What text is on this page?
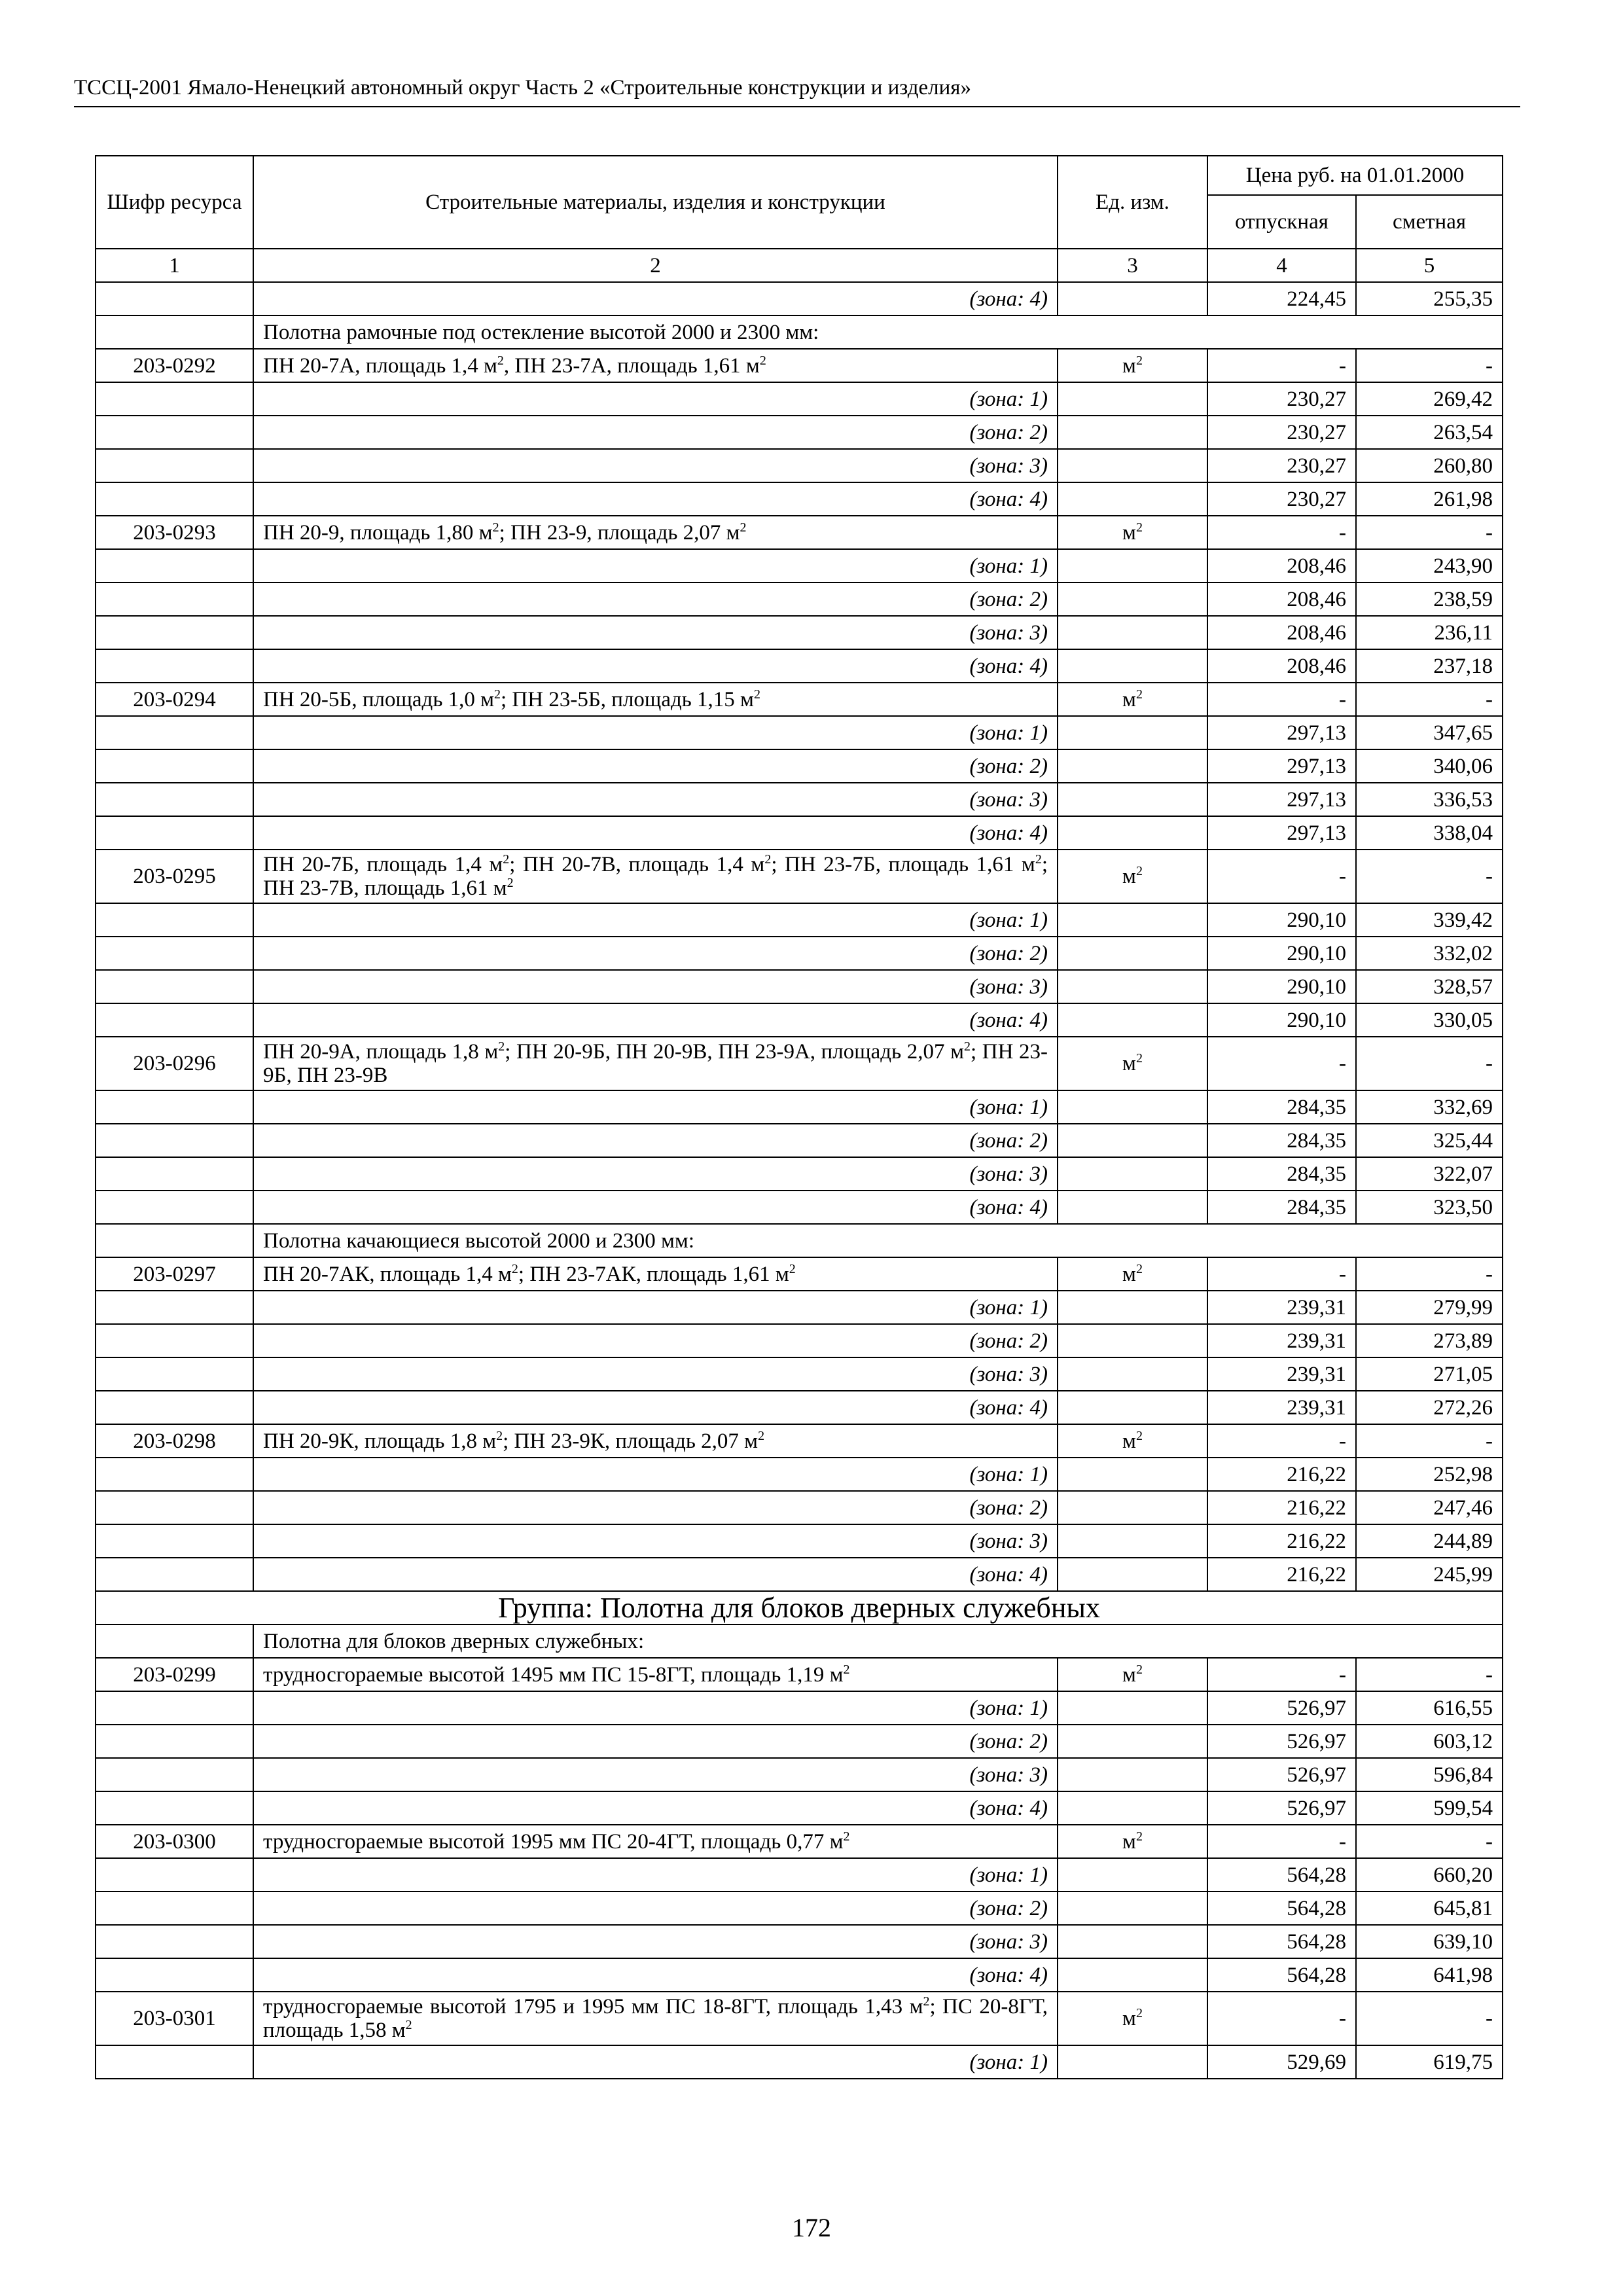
ТССЦ-2001 Ямало-Ненецкий автономный округ Часть 2 «Строительные конструкции и изделия»
Шифр ресурса	Строительные материалы, изделия и конструкции	Ед. изм.	Цена руб. на 01.01.2000	
			отпускная	сметная
1	2	3	4	5
	(зона: 4)		224,45	255,35
	Полотна рамочные под остекление высотой 2000 и 2300 мм:			
203-0292	ПН 20-7А, площадь 1,4 $м^2$, ПН 23-7А, площадь 1,61 $м^2$	$м^2$	-	-
	(зона: 1)		230,27	269,42
	(зона: 2)		230,27	263,54
	(зона: 3)		230,27	260,80
	(зона: 4)		230,27	261,98
203-0293	ПН 20-9, площадь 1,80 $м^2$; ПН 23-9, площадь 2,07 $м^2$	$м^2$	-	-
	(зона: 1)		208,46	243,90
	(зона: 2)		208,46	238,59
	(зона: 3)		208,46	236,11
	(зона: 4)		208,46	237,18
203-0294	ПН 20-5Б, площадь 1,0 $м^2$; ПН 23-5Б, площадь 1,15 $м^2$	$м^2$	-	-
	(зона: 1)		297,13	347,65
	(зона: 2)		297,13	340,06
	(зона: 3)		297,13	336,53
	(зона: 4)		297,13	338,04
203-0295	ПН 20-7Б, площадь 1,4 $м^2$; ПН 20-7В, площадь 1,4 $м^2$; ПН 23-7Б, площадь 1,61 $м^2$; ПН 23-7В, площадь 1,61 $м^2$	$м^2$	-	-
	(зона: 1)		290,10	339,42
	(зона: 2)		290,10	332,02
	(зона: 3)		290,10	328,57
	(зона: 4)		290,10	330,05
203-0296	ПН 20-9А, площадь 1,8 $м^2$; ПН 20-9Б, ПН 20-9В, ПН 23-9А, площадь 2,07 $м^2$; ПН 23-9Б, ПН 23-9В	$м^2$	-	-
	(зона: 1)		284,35	332,69
	(зона: 2)		284,35	325,44
	(зона: 3)		284,35	322,07
	(зона: 4)		284,35	323,50
	Полотна качающиеся высотой 2000 и 2300 мм:			
203-0297	ПН 20-7АК, площадь 1,4 $м^2$; ПН 23-7АК, площадь 1,61 $м^2$	$м^2$	-	-
	(зона: 1)		239,31	279,99
	(зона: 2)		239,31	273,89
	(зона: 3)		239,31	271,05
	(зона: 4)		239,31	272,26
203-0298	ПН 20-9К, площадь 1,8 $м^2$; ПН 23-9К, площадь 2,07 $м^2$	$м^2$	-	-
	(зона: 1)		216,22	252,98
	(зона: 2)		216,22	247,46
	(зона: 3)		216,22	244,89
	(зона: 4)		216,22	245,99
Группа: Полотна для блоков дверных служебных				
	Полотна для блоков дверных служебных:			
203-0299	трудносгораемые высотой 1495 мм ПС 15-8ГТ, площадь 1,19 $м^2$	$м^2$	-	-
	(зона: 1)		526,97	616,55
	(зона: 2)		526,97	603,12
	(зона: 3)		526,97	596,84
	(зона: 4)		526,97	599,54
203-0300	трудносгораемые высотой 1995 мм ПС 20-4ГТ, площадь 0,77 $м^2$	$м^2$	-	-
	(зона: 1)		564,28	660,20
	(зона: 2)		564,28	645,81
	(зона: 3)		564,28	639,10
	(зона: 4)		564,28	641,98
203-0301	трудносгораемые высотой 1795 и 1995 мм ПС 18-8ГТ, площадь 1,43 $м^2$; ПС 20-8ГТ, площадь 1,58 $м^2$	$м^2$	-	-
	(зона: 1)		529,69	619,75
172
